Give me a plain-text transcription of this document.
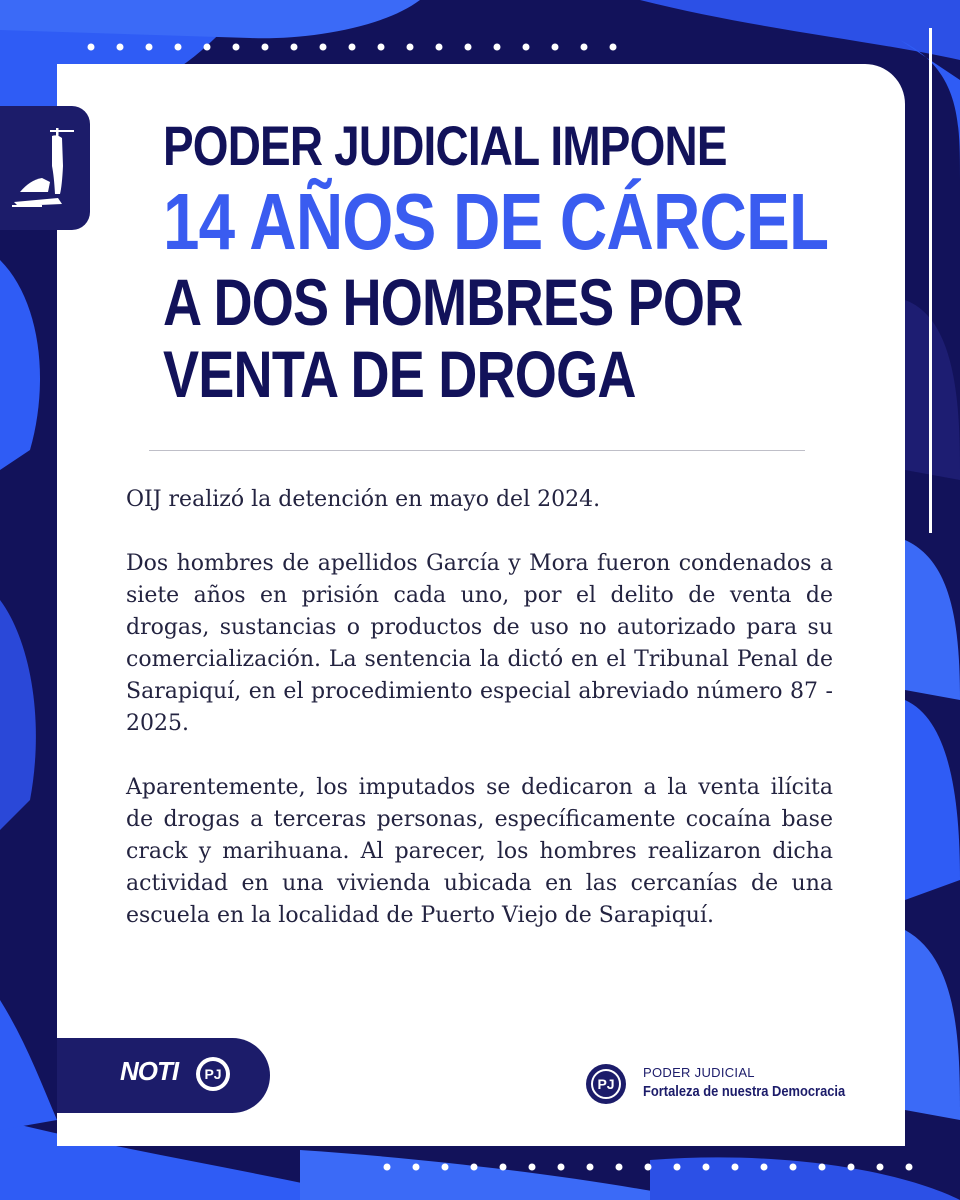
PODER JUDICIAL IMPONE
14 AÑOS DE CÁRCEL
A DOS HOMBRES POR
VENTA DE DROGA

OIJ realizó la detención en mayo del 2024.

Dos hombres de apellidos García y Mora fueron condenados a siete años en prisión cada uno, por el delito de venta de drogas, sustancias o productos de uso no autorizado para su comercialización. La sentencia la dictó en el Tribunal Penal de Sarapiquí, en el procedimiento especial abreviado número 87 - 2025.

Aparentemente, los imputados se dedicaron a la venta ilícita de drogas a terceras personas, específicamente cocaína base crack y marihuana. Al parecer, los hombres realizaron dicha actividad en una vivienda ubicada en las cercanías de una escuela en la localidad de Puerto Viejo de Sarapiquí.

NOTI	PJ
PJ
PODER JUDICIAL
Fortaleza de nuestra Democracia
